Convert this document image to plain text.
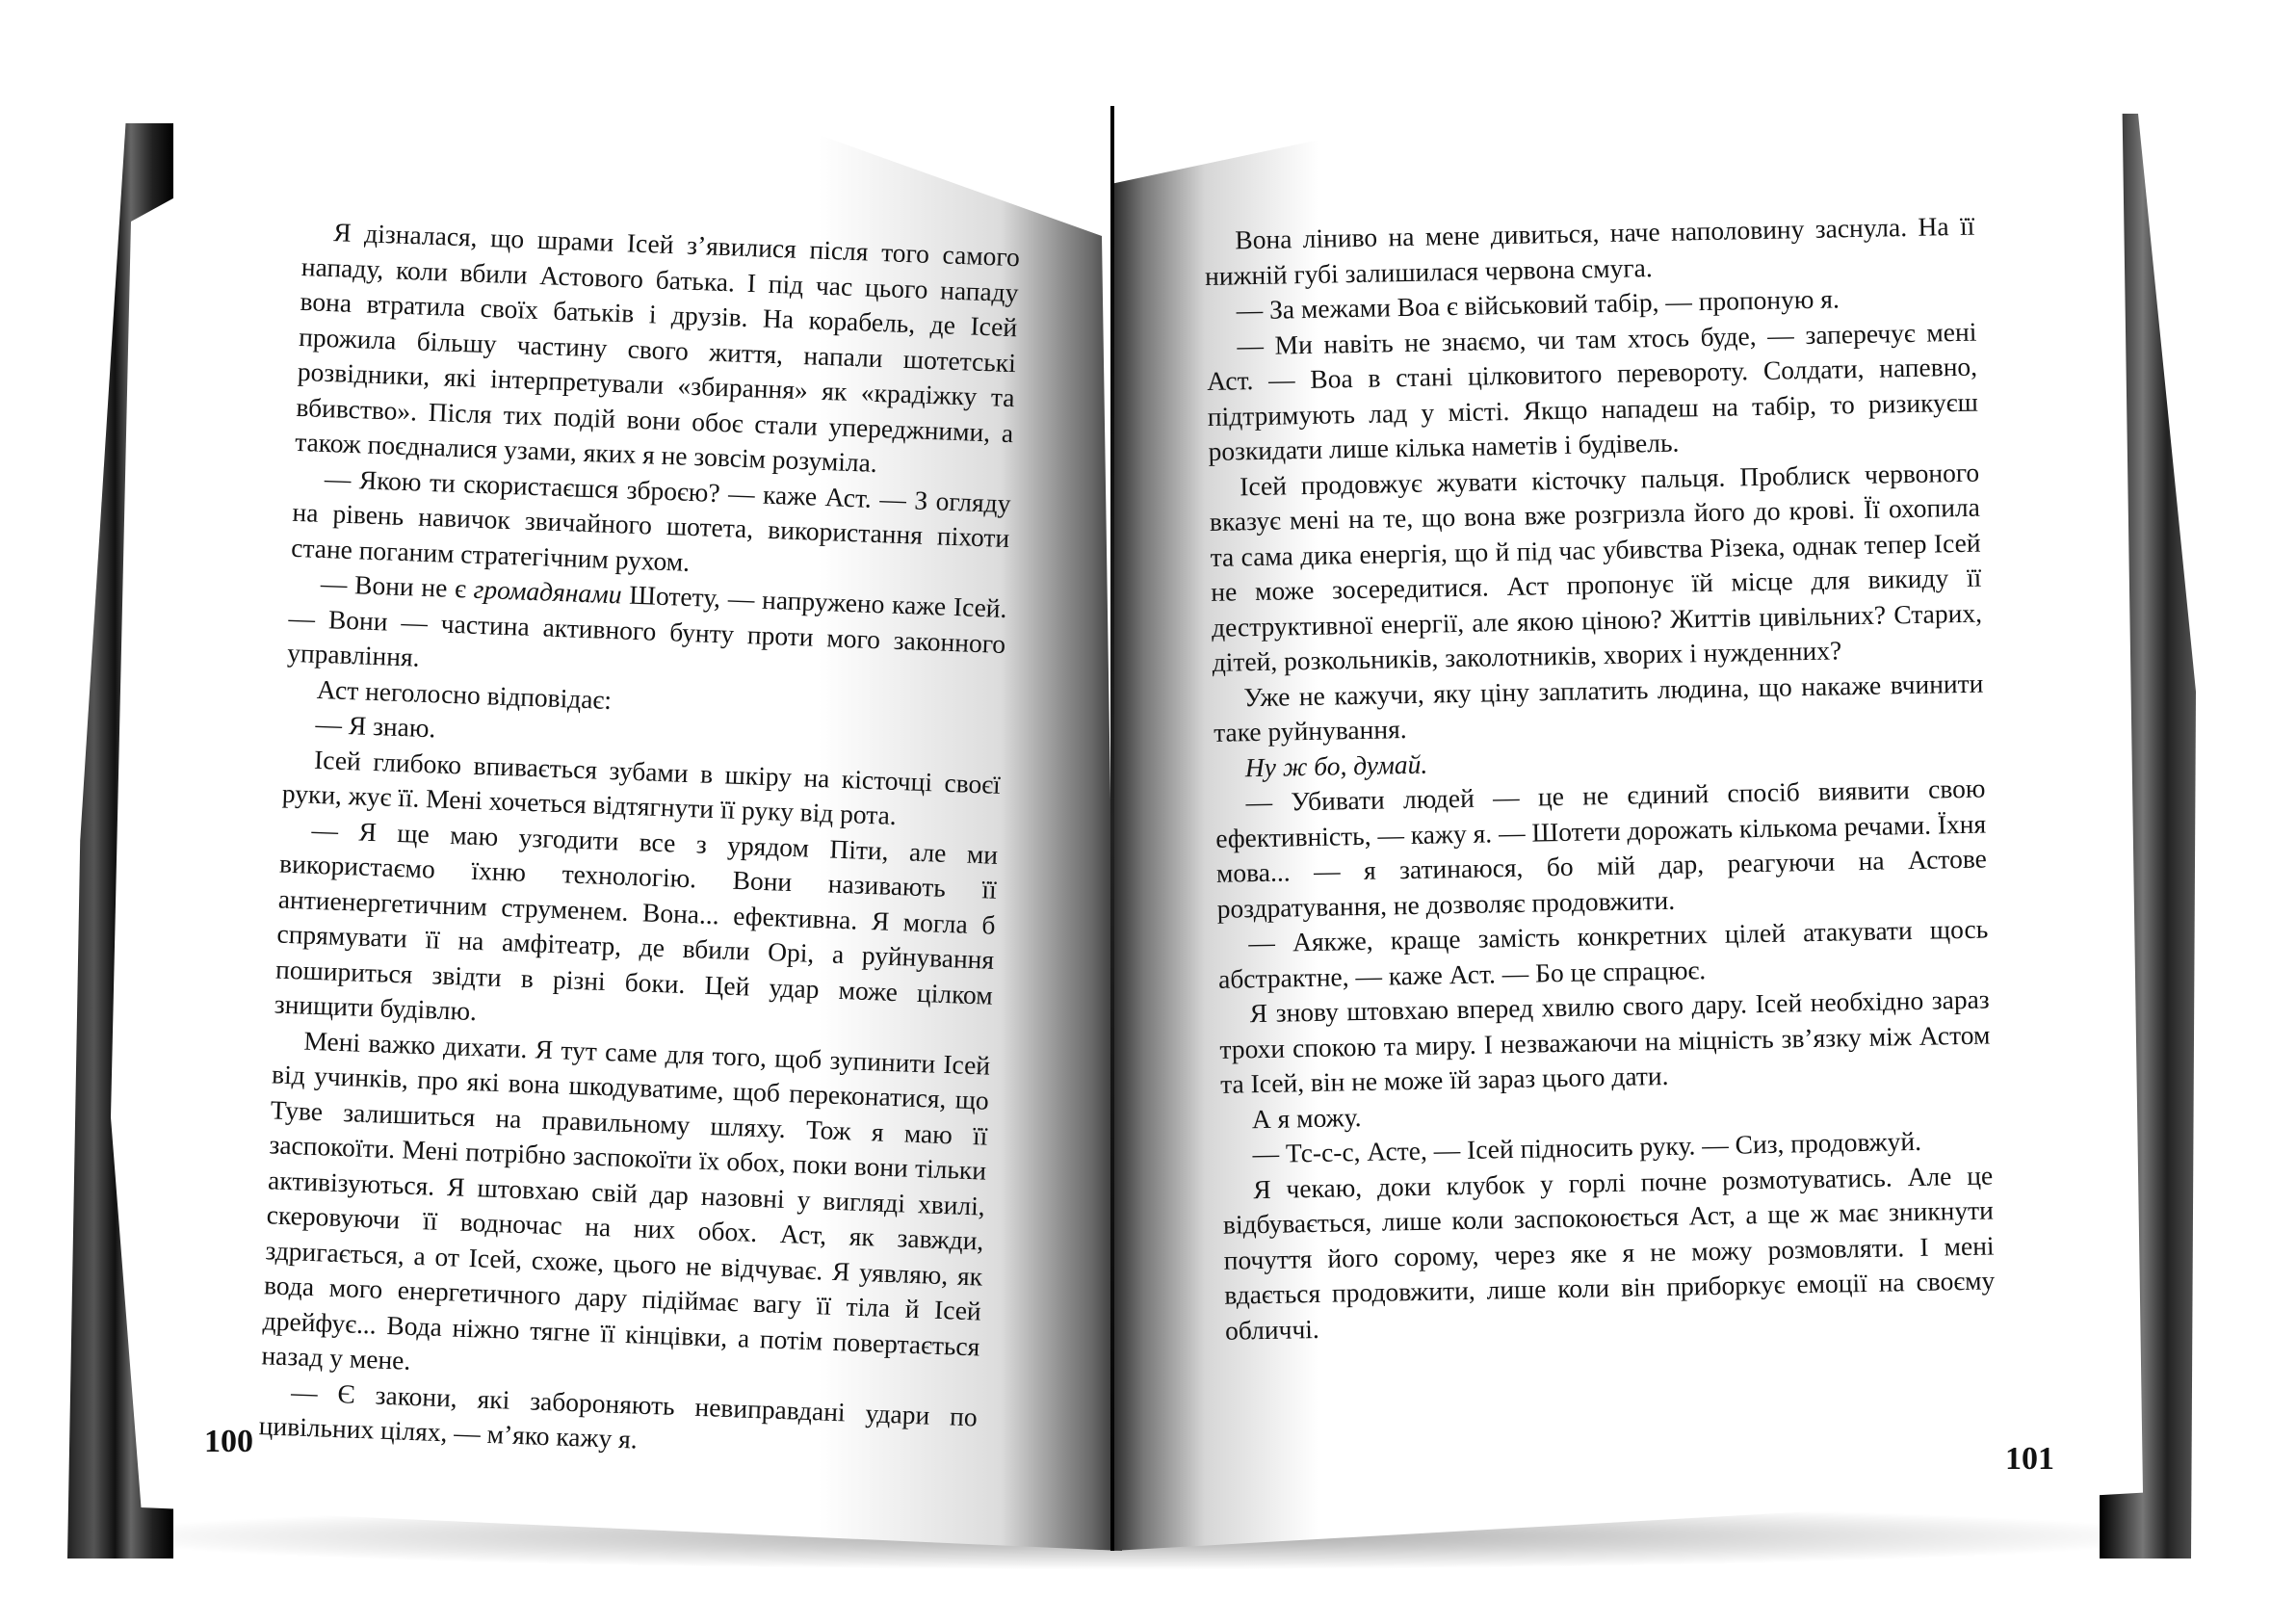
Я дізналася, що шрами Ісей з’явилися після того самого нападу, коли вбили Астового батька. І під час цього нападу вона втратила своїх батьків і друзів. На корабель, де Ісей прожила більшу частину свого життя, напали шотетські розвідники, які інтерпретували «збирання» як «крадіжку та вбивство». Після тих подій вони обоє стали упереджними, а також поєдналися узами, яких я не зовсім розуміла.

— Якою ти скористаєшся зброєю? — каже Аст. — З огляду на рівень навичок звичайного шотета, використання піхоти стане поганим стратегічним рухом.

— Вони не є громадянами Шотету, — напружено каже Ісей. — Вони — частина активного бунту проти мого законного управління.

Аст неголосно відповідає:

— Я знаю.

Ісей глибоко впивається зубами в шкіру на кісточці своєї руки, жує її. Мені хочеться відтягнути її руку від рота.

— Я ще маю узгодити все з урядом Піти, але ми використаємо їхню технологію. Вони називають її антиенергетичним струменем. Вона... ефективна. Я могла б спрямувати її на амфітеатр, де вбили Орі, а руйнування пошириться звідти в різні боки. Цей удар може цілком знищити будівлю.

Мені важко дихати. Я тут саме для того, щоб зупинити Ісей від учинків, про які вона шкодуватиме, щоб переконатися, що Туве залишиться на правильному шляху. Тож я маю її заспокоїти. Мені потрібно заспокоїти їх обох, поки вони тільки активізуються. Я штовхаю свій дар назовні у вигляді хвилі, скеровуючи її водночас на них обох. Аст, як завжди, здригається, а от Ісей, схоже, цього не відчуває. Я уявляю, як вода мого енергетичного дару підіймає вагу її тіла й Ісей дрейфує... Вода ніжно тягне її кінцівки, а потім повертається назад у мене.

— Є закони, які забороняють невиправдані удари по цивільних цілях, — м’яко кажу я.

Вона ліниво на мене дивиться, наче наполовину заснула. На її нижній губі залишилася червона смуга.

— За межами Воа є військовий табір, — пропоную я.

— Ми навіть не знаємо, чи там хтось буде, — заперечує мені Аст. — Воа в стані цілковитого перевороту. Солдати, напевно, підтримують лад у місті. Якщо нападеш на табір, то ризикуєш розкидати лише кілька наметів і будівель.

Ісей продовжує жувати кісточку пальця. Проблиск червоного вказує мені на те, що вона вже розгризла його до крові. Її охопила та сама дика енергія, що й під час убивства Різека, однак тепер Ісей не може зосередитися. Аст пропонує їй місце для викиду її деструктивної енергії, але якою ціною? Життів цивільних? Старих, дітей, розкольників, заколотників, хворих і нужденних?

Уже не кажучи, яку ціну заплатить людина, що накаже вчинити таке руйнування.

Ну ж бо, думай.

— Убивати людей — це не єдиний спосіб виявити свою ефективність, — кажу я. — Шотети дорожать кількома речами. Їхня мова... — я затинаюся, бо мій дар, реагуючи на Астове роздратування, не дозволяє продовжити.

— Аякже, краще замість конкретних цілей атакувати щось абстрактне, — каже Аст. — Бо це спрацює.

Я знову штовхаю вперед хвилю свого дару. Ісей необхідно зараз трохи спокою та миру. І незважаючи на міцність зв’язку між Астом та Ісей, він не може їй зараз цього дати.

А я можу.

— Тс-с-с, Асте, — Ісей підносить руку. — Сиз, продовжуй.

Я чекаю, доки клубок у горлі почне розмотуватись. Але це відбувається, лише коли заспокоюється Аст, а ще ж має зникнути почуття його сорому, через яке я не можу розмовляти. І мені вдається продовжити, лише коли він приборкує емоції на своєму обличчі.

100	101
